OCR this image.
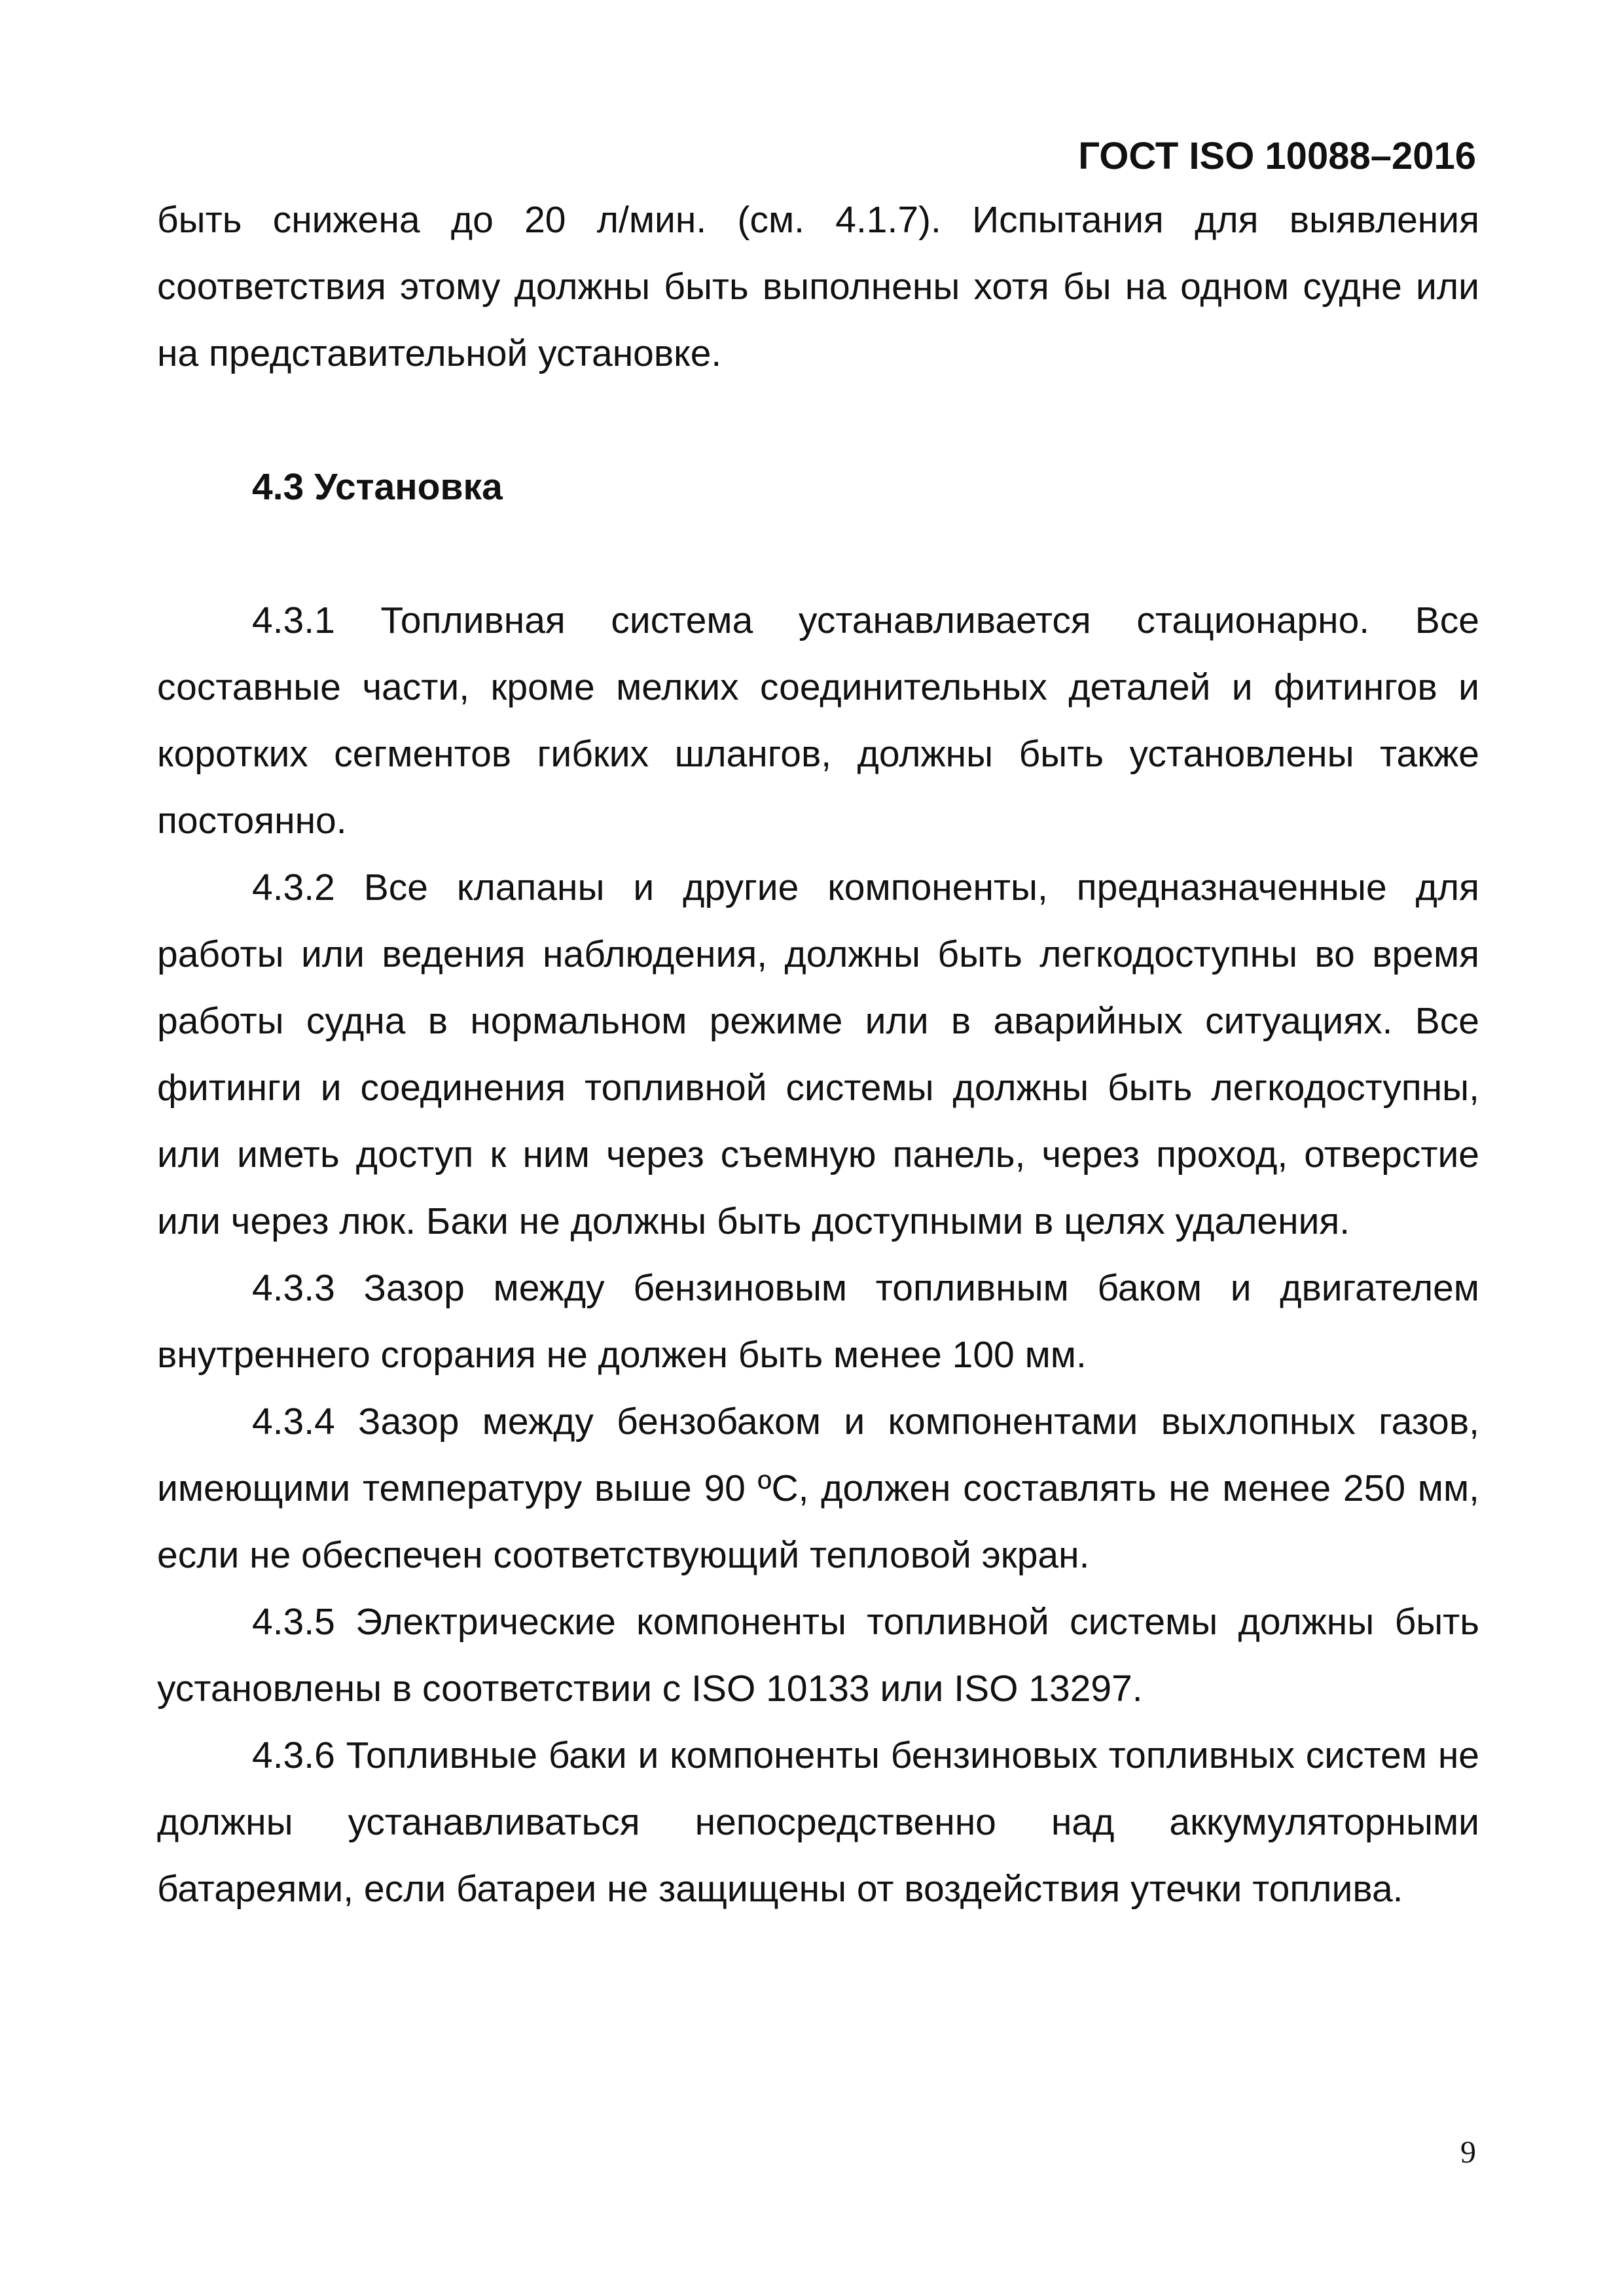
ГОСТ ISO 10088–2016

быть снижена до 20 л/мин. (см. 4.1.7). Испытания для выявления соответствия этому должны быть выполнены хотя бы на одном судне или на представительной установке.

4.3 Установка

4.3.1 Топливная система устанавливается стационарно. Все составные части, кроме мелких соединительных деталей и фитингов и коротких сегментов гибких шлангов, должны быть установлены также постоянно.

4.3.2 Все клапаны и другие компоненты, предназначенные для работы или ведения наблюдения, должны быть легкодоступны во время работы судна в нормальном режиме или в аварийных ситуациях. Все фитинги и соединения топливной системы должны быть легкодоступны, или иметь доступ к ним через съемную панель, через проход, отверстие или через люк. Баки не должны быть доступными в целях удаления.

4.3.3 Зазор между бензиновым топливным баком и двигателем внутреннего сгорания не должен быть менее 100 мм.

4.3.4 Зазор между бензобаком и компонентами выхлопных газов, имеющими температуру выше 90 ºС, должен составлять не менее 250 мм, если не обеспечен соответствующий тепловой экран.

4.3.5 Электрические компоненты топливной системы должны быть установлены в соответствии с ISO 10133 или ISO 13297.

4.3.6 Топливные баки и компоненты бензиновых топливных систем не должны устанавливаться непосредственно над аккумуляторными батареями, если батареи не защищены от воздействия утечки топлива.

9
